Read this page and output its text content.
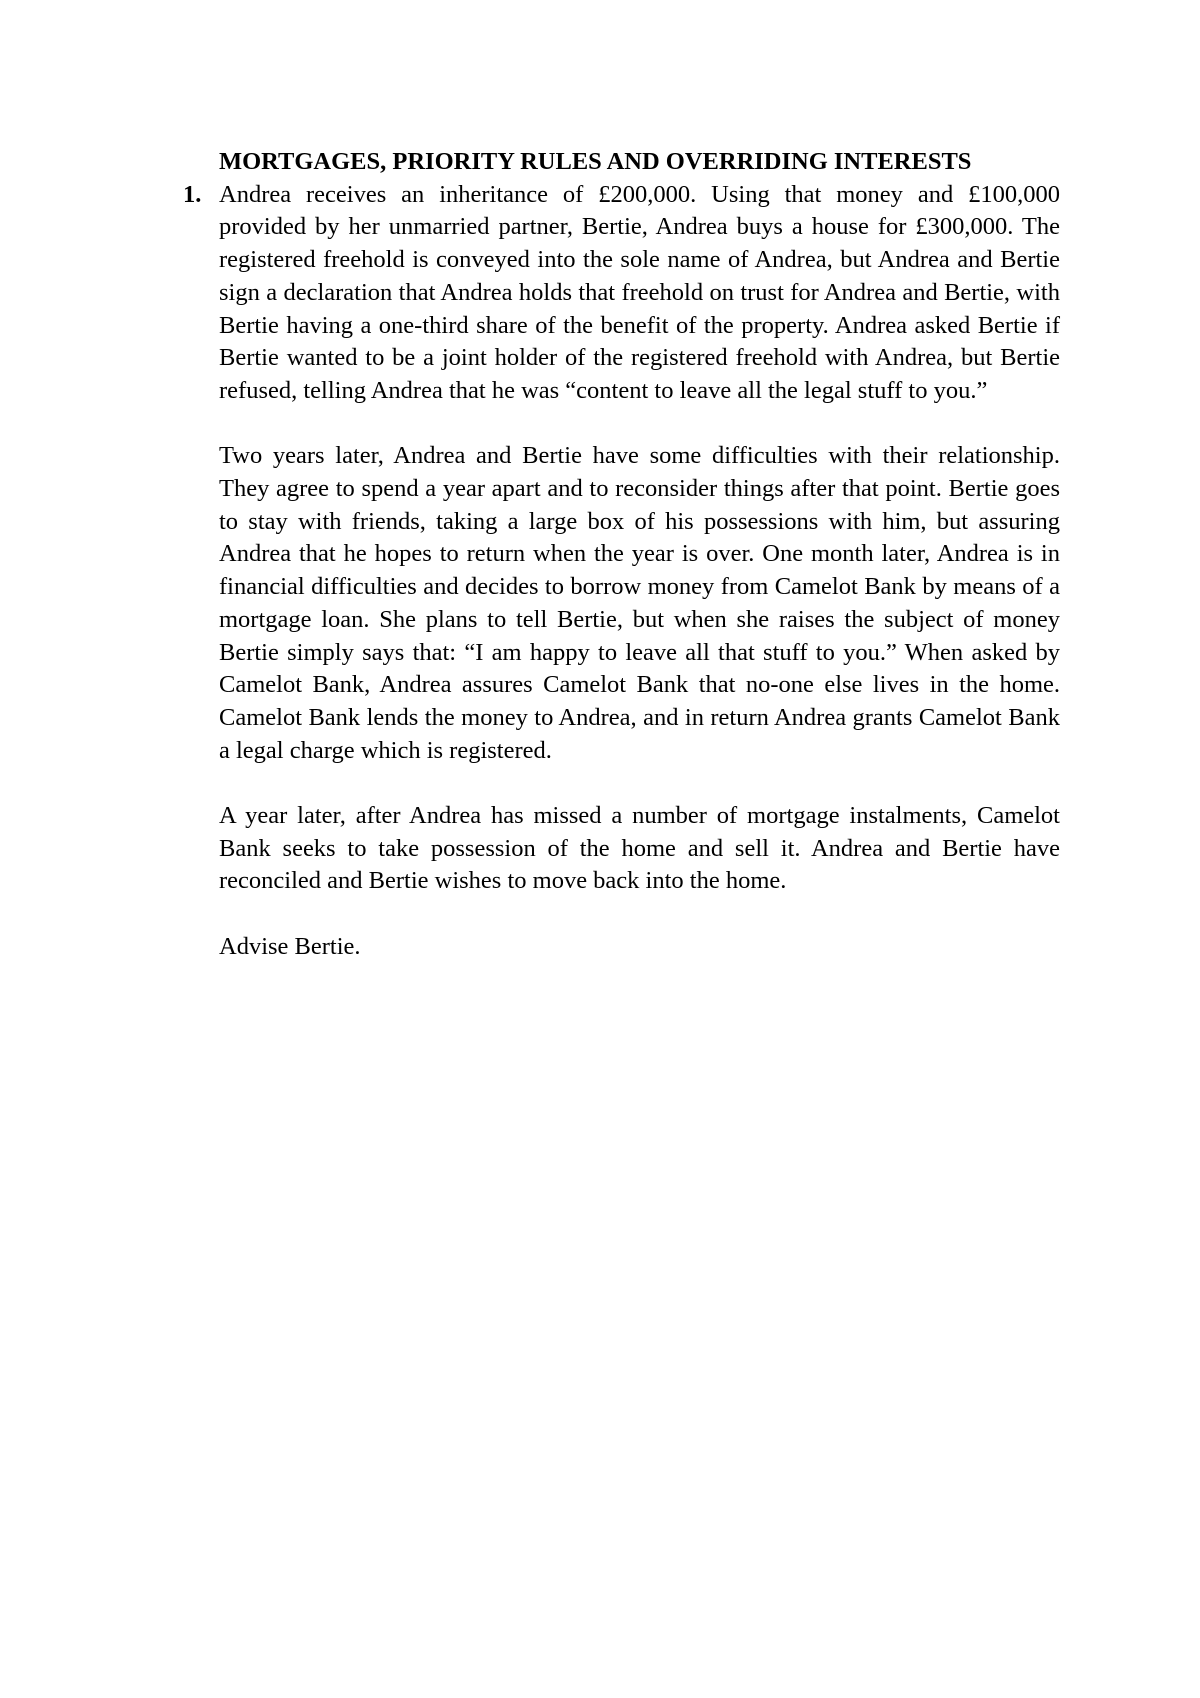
MORTGAGES, PRIORITY RULES AND OVERRIDING INTERESTS

1. Andrea receives an inheritance of £200,000. Using that money and £100,000 provided by her unmarried partner, Bertie, Andrea buys a house for £300,000. The registered freehold is conveyed into the sole name of Andrea, but Andrea and Bertie sign a declaration that Andrea holds that freehold on trust for Andrea and Bertie, with Bertie having a one-third share of the benefit of the property. Andrea asked Bertie if Bertie wanted to be a joint holder of the registered freehold with Andrea, but Bertie refused, telling Andrea that he was “content to leave all the legal stuff to you.”

Two years later, Andrea and Bertie have some difficulties with their relationship. They agree to spend a year apart and to reconsider things after that point. Bertie goes to stay with friends, taking a large box of his possessions with him, but assuring Andrea that he hopes to return when the year is over. One month later, Andrea is in financial difficulties and decides to borrow money from Camelot Bank by means of a mortgage loan. She plans to tell Bertie, but when she raises the subject of money Bertie simply says that: “I am happy to leave all that stuff to you.” When asked by Camelot Bank, Andrea assures Camelot Bank that no-one else lives in the home. Camelot Bank lends the money to Andrea, and in return Andrea grants Camelot Bank a legal charge which is registered.

A year later, after Andrea has missed a number of mortgage instalments, Camelot Bank seeks to take possession of the home and sell it. Andrea and Bertie have reconciled and Bertie wishes to move back into the home.

Advise Bertie.
